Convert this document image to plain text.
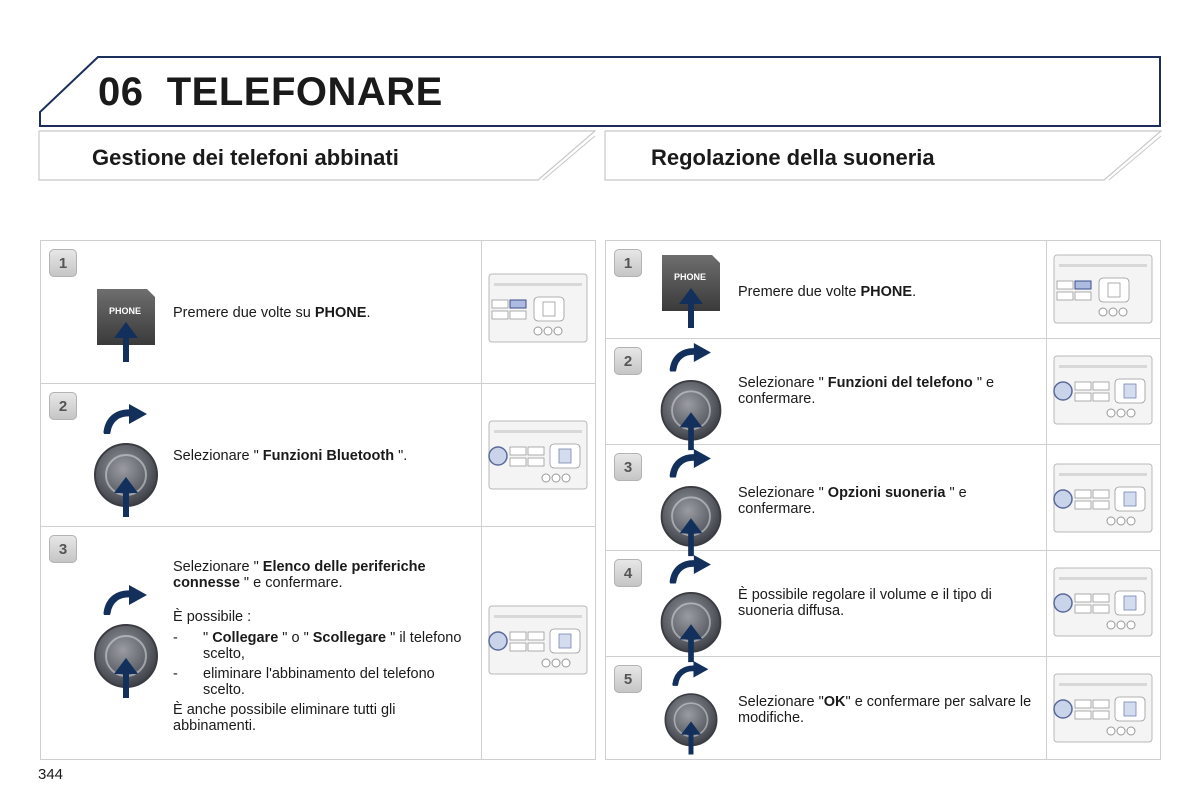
06 TELEFONARE
Gestione dei telefoni abbinati	Regolazione della suoneria
1
PHONE Premere due volte su PHONE.
2
Selezionare " Funzioni Bluetooth ".
3
Selezionare " Elenco delle periferiche connesse " e confermare.
È possibile :
- " Collegare " o " Scollegare " il telefono scelto,
- eliminare l'abbinamento del telefono scelto.
È anche possibile eliminare tutti gli abbinamenti.
1
PHONE
Premere due volte PHONE.
2
Selezionare " Funzioni del telefono " e confermare.
3
Selezionare " Opzioni suoneria " e confermare.
4
È possibile regolare il volume e il tipo di suoneria diffusa.
5
Selezionare "OK" e confermare per salvare le modifiche.
344
